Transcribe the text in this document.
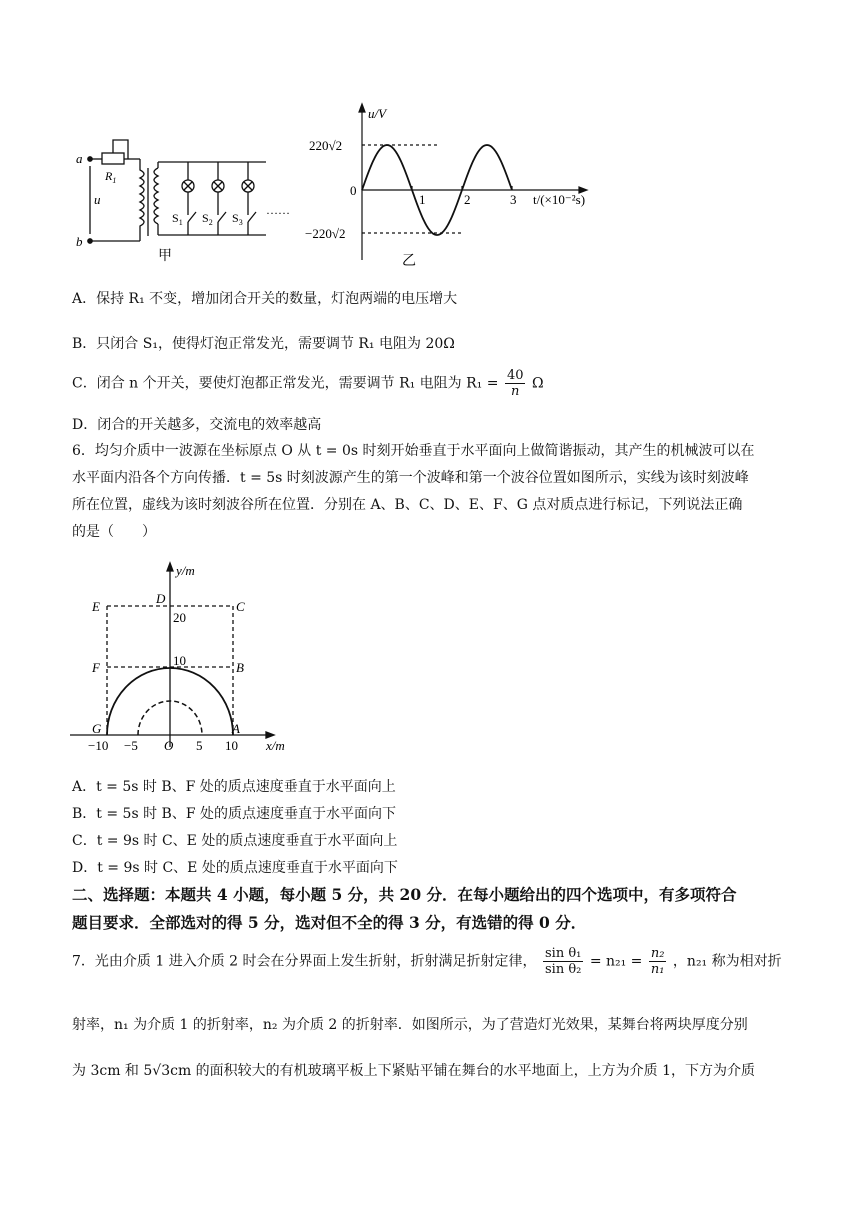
a
b
$R_1$
u
$S_1$ $S_2$ $S_3$
……
甲
u/V
220√2
−220√2
0
1	2	3 t/(×10⁻²s)
乙
A．保持 R₁ 不变，增加闭合开关的数量，灯泡两端的电压增大
B．只闭合 S₁，使得灯泡正常发光，需要调节 R₁ 电阻为 20Ω
C．闭合 n 个开关，要使灯泡都正常发光，需要调节 R₁ 电阻为 $R_1 = \frac{40}{n}$ Ω
D．闭合的开关越多，交流电的效率越高
6．均匀介质中一波源在坐标原点 O 从 t = 0s 时刻开始垂直于水平面向上做简谐振动，其产生的机械波可以在
水平面内沿各个方向传播．t = 5s 时刻波源产生的第一个波峰和第一个波谷位置如图所示，实线为该时刻波峰
所在位置，虚线为该时刻波谷所在位置．分别在 A、B、C、D、E、F、G 点对质点进行标记，下列说法正确
的是（　　）
y/m
x/m
D
E	C
F	B
G	A
20
10
−10 −5 O 5 10
A．t = 5s 时 B、F 处的质点速度垂直于水平面向上
B．t = 5s 时 B、F 处的质点速度垂直于水平面向下
C．t = 9s 时 C、E 处的质点速度垂直于水平面向上
D．t = 9s 时 C、E 处的质点速度垂直于水平面向下
二、选择题：本题共 4 小题，每小题 5 分，共 20 分．在每小题给出的四个选项中，有多项符合
题目要求．全部选对的得 5 分，选对但不全的得 3 分，有选错的得 0 分．
7．光由介质 1 进入介质 2 时会在分界面上发生折射，折射满足折射定律， $\frac{\text{sin θ₁}}{\text{sin θ₂}} = n_{21} = \frac{\text{n₂}}{\text{n₁}}$ ，n₂₁ 称为相对折
射率，n₁ 为介质 1 的折射率，n₂ 为介质 2 的折射率．如图所示，为了营造灯光效果，某舞台将两块厚度分别
为 3cm 和 5√3cm 的面积较大的有机玻璃平板上下紧贴平铺在舞台的水平地面上，上方为介质 1，下方为介质
